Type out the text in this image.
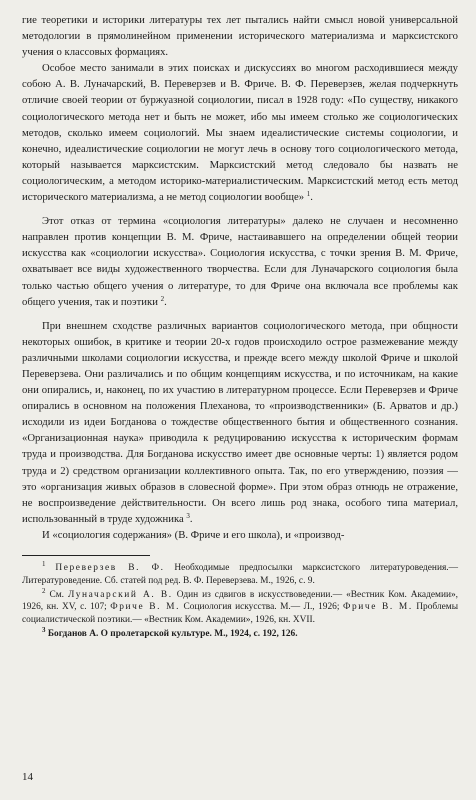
гие теоретики и историки литературы тех лет пытались найти смысл новой универсальной методологии в прямолинейном применении исторического материализма и марксистского учения о классовых формациях.

Особое место занимали в этих поисках и дискуссиях во многом расходившиеся между собою А. В. Луначарский, В. Переверзев и В. Фриче. В. Ф. Переверзев, желая подчеркнуть отличие своей теории от буржуазной социологии, писал в 1928 году: «По существу, никакого социологического метода нет и быть не может, ибо мы имеем столько же социологических методов, сколько имеем социологий. Мы знаем идеалистические системы социологии, и конечно, идеалистические социологии не могут лечь в основу того социологического метода, который называется марксистским. Марксистский метод следовало бы назвать не социологическим, а методом историко-материалистическим. Марксистский метод есть метод исторического материализма, а не метод социологии вообще» $^1$.

Этот отказ от термина «социология литературы» далеко не случаен и несомненно направлен против концепции В. М. Фриче, настаивавшего на определении общей теории искусства как «социологии искусства». Социология искусства, с точки зрения В. М. Фриче, охватывает все виды художественного творчества. Если для Луначарского социология была только частью общего учения о литературе, то для Фриче она включала все проблемы как общего учения, так и поэтики $^2$.

При внешнем сходстве различных вариантов социологического метода, при общности некоторых ошибок, в критике и теории 20-х годов происходило острое размежевание между различными школами социологии искусства, и прежде всего между школой Фриче и школой Переверзева. Они различались и по общим концепциям искусства, и по источникам, на какие они опирались, и, наконец, по их участию в литературном процессе. Если Переверзев и Фриче опирались в основном на положения Плеханова, то «производственники» (Б. Арватов и др.) исходили из идеи Богданова о тождестве общественного бытия и общественного сознания. «Организационная наука» приводила к редуцированию искусства к историческим формам труда и производства. Для Богданова искусство имеет две основные черты: 1) является родом труда и 2) средством организации коллективного опыта. Так, по его утверждению, поэзия — это «организация живых образов в словесной форме». При этом образ отнюдь не отражение, не воспроизведение действительности. Он всего лишь род знака, особого типа материал, использованный в труде художника $^3$.

И «социология содержания» (В. Фриче и его школа), и «производ-

$^1$ Переверзев В. Ф. Необходимые предпосылки марксистского литературоведения.— Литературоведение. Сб. статей под ред. В. Ф. Переверзева. М., 1926, с. 9.

$^2$ См. Луначарский А. В. Один из сдвигов в искусствоведении.— «Вестник Ком. Академии», 1926, кн. XV, с. 107; Фриче В. М. Социология искусства. М.— Л., 1926; Фриче В. М. Проблемы социалистической поэтики.— «Вестник Ком. Академии», 1926, кн. XVII.

$^3$ Богданов А. О пролетарской культуре. М., 1924, с. 192, 126.

14
